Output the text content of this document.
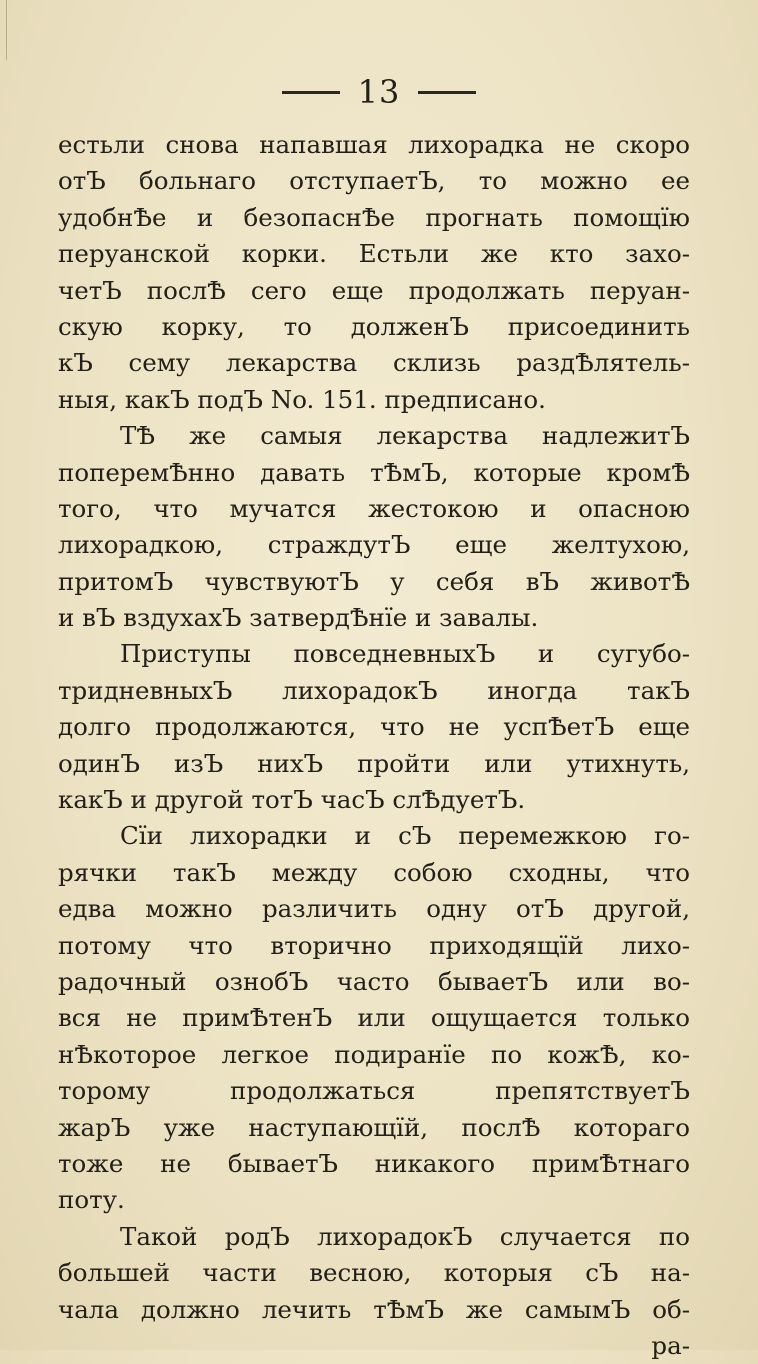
13
естьли снова напавшая лихорадка не скоро
отЪ больнаго отступаетЪ, то можно ее
удобнѢе и безопаснѢе прогнать помощїю
перуанской корки. Естьли же кто захо-
четЪ послѢ сего еще продолжать перуан-
скую корку, то долженЪ присоединить
кЪ сему лекарства склизь раздѢлятель-
ныя, какЪ подЪ No. 151. предписано.
ТѢ же самыя лекарства надлежитЪ
поперемѢнно давать тѢмЪ, которые кромѢ
того, что мучатся жестокою и опасною
лихорадкою, страждутЪ еще желтухою,
притомЪ чувствуютЪ у себя вЪ животѢ
и вЪ вздухахЪ затвердѢнїе и завалы.
Приступы повседневныхЪ и сугубо-
тридневныхЪ лихорадокЪ иногда такЪ
долго продолжаются, что не успѢетЪ еще
одинЪ изЪ нихЪ пройти или утихнуть,
какЪ и другой тотЪ часЪ слѢдуетЪ.
Сїи лихорадки и сЪ перемежкою го-
рячки такЪ между собою сходны, что
едва можно различить одну отЪ другой,
потому что вторично приходящїй лихо-
радочный ознобЪ часто бываетЪ или во-
вся не примѢтенЪ или ощущается только
нѢкоторое легкое подиранїе по кожѢ, ко-
торому продолжаться препятствуетЪ
жарЪ уже наступающїй, послѢ котораго
тоже не бываетЪ никакого примѢтнаго
поту.
Такой родЪ лихорадокЪ случается по
большей части весною, которыя сЪ на-
чала должно лечить тѢмЪ же самымЪ об-
ра-
